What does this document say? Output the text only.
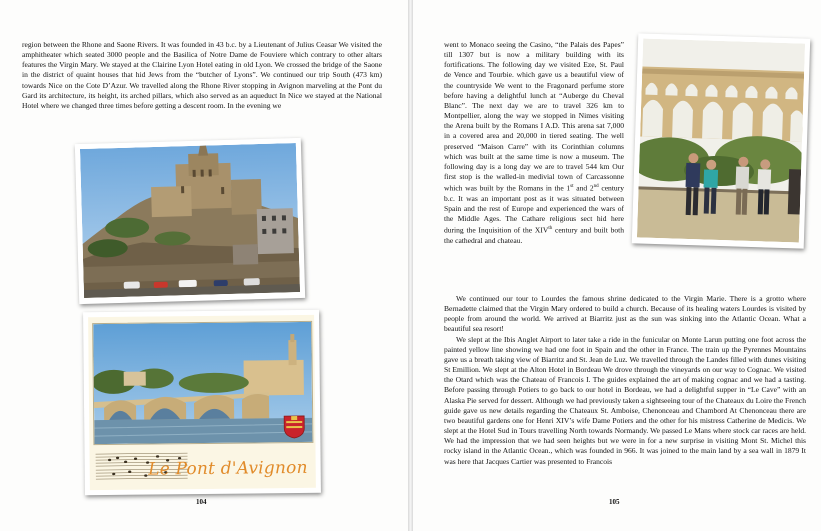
region between the Rhone and Saone Rivers. It was founded in 43 b.c. by a Lieutenant of Julius Ceasar We visited the amphitheater which seated 3000 people and the Basilica of Notre Dame de Fouviere which contrary to other altars features the Virgin Mary. We stayed at the Clairine Lyon Hotel eating in old Lyon. We crossed the bridge of the Saone in the district of quaint houses that hid Jews from the “butcher of Lyons”. We continued our trip South (473 km) towards Nice on the Cote D’Azur. We travelled along the Rhone River stopping in Avignon marveling at the Pont du Gard its architecture, its height, its arched pillars, which also served as an aqueduct In Nice we stayed at the National Hotel where we changed three times before getting a descent room. In the evening we

Le Pont d'Avignon
104

went to Monaco seeing the Casino, “the Palais des Papes” till 1307 but is now a military building with its fortifications. The following day we visited Eze, St. Paul de Vence and Tourbie. which gave us a beautiful view of the countryside We went to the Fragonard perfume store before having a delightful lunch at “Auberge du Cheval Blanc”. The next day we are to travel 326 km to Montpellier, along the way we stopped in Nimes visiting the Arena built by the Romans I A.D. This arena sat 7,000 in a covered area and 20,000 in tiered seating. The well preserved “Maison Carre” with its Corinthian columns which was built at the same time is now a museum. The following day is a long day we are to travel 544 km Our first stop is the walled-in medivial town of Carcassonne which was built by the Romans in the 1st and 2nd century b.c. It was an important post as it was situated between Spain and the rest of Europe and experienced the wars of the Middle Ages. The Cathare religious sect hid here during the Inquisition of the XIVth century and built both the cathedral and chateau.

We continued our tour to Lourdes the famous shrine dedicated to the Virgin Marie. There is a grotto where Bernadette claimed that the Virgin Mary ordered to build a church. Because of its healing waters Lourdes is visited by people from around the world. We arrived at Biarritz just as the sun was sinking into the Atlantic Ocean. What a beautiful sea resort!

We slept at the Ibis Anglet Airport to later take a ride in the funicular on Monte Larun putting one foot across the painted yellow line showing we had one foot in Spain and the other in France. The train up the Pyrennes Mountains gave us a breath taking view of Biarritz and St. Jean de Luz. We travelled through the Landes filled with dunes visiting St Emillion. We slept at the Alton Hotel in Bordeau We drove through the vineyards on our way to Cognac. We visited the Otard which was the Chateau of Francois I. The guides explained the art of making cognac and we had a tasting. Before passing through Potiers to go back to our hotel in Bordeau, we had a delightful supper in “Le Cave” with an Alaska Pie served for dessert. Although we had previously taken a sightseeing tour of the Chateaux du Loire the French guide gave us new details regarding the Chateaux St. Amboise, Chenonceau and Chambord At Chenonceau there are two beautiful gardens one for Henri XIV’s wife Dame Potiers and the other for his mistress Catherine de Medicis. We slept at the Hotel Sud in Tours travelling North towards Normandy. We passed Le Mans where stock car races are held. We had the impression that we had seen heights but we were in for a new surprise in visiting Mont St. Michel this rocky island in the Atlantic Ocean., which was founded in 966. It was joined to the main land by a sea wall in 1879 It was here that Jacques Cartier was presented to Francois

105
